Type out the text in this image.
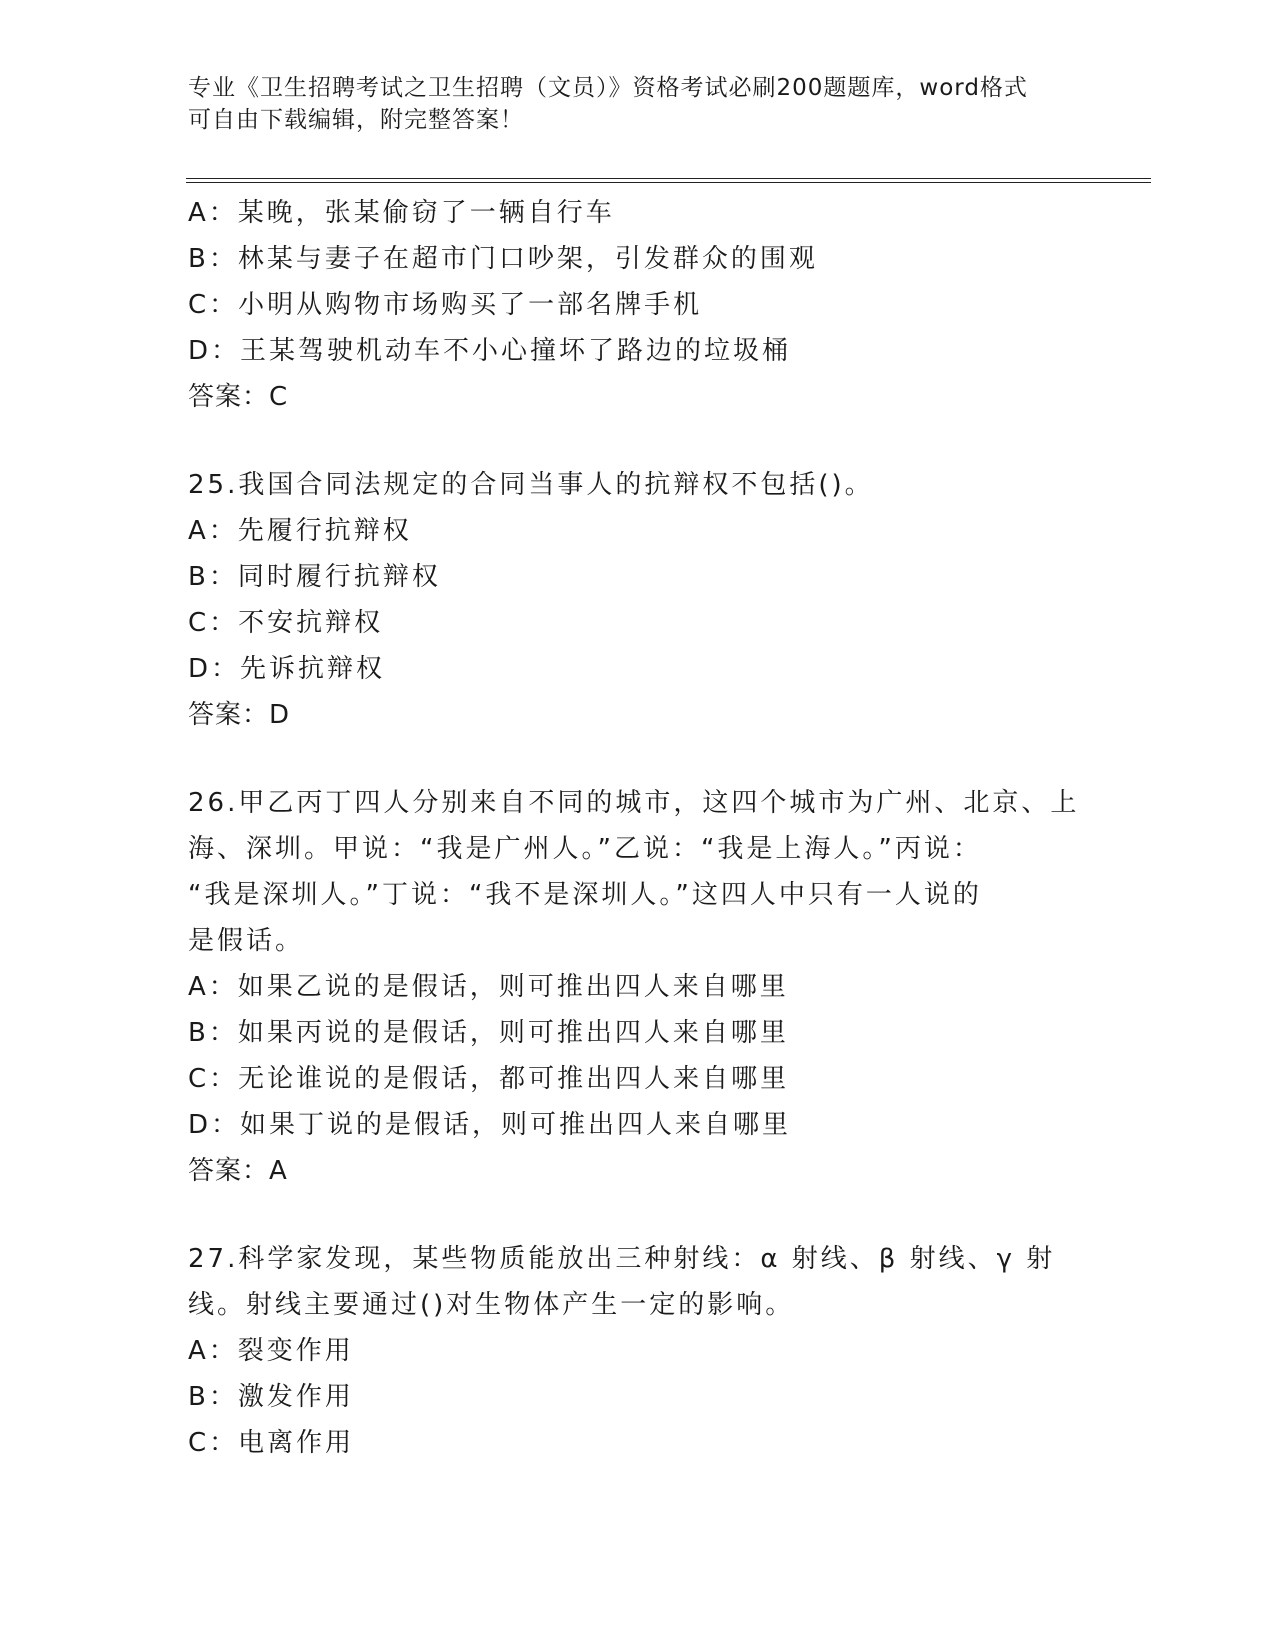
专业《卫生招聘考试之卫生招聘（文员）》资格考试必刷200题题库，word格式
可自由下载编辑，附完整答案！
A：某晚，张某偷窃了一辆自行车
B：林某与妻子在超市门口吵架，引发群众的围观
C：小明从购物市场购买了一部名牌手机
D：王某驾驶机动车不小心撞坏了路边的垃圾桶
答案：C
25.我国合同法规定的合同当事人的抗辩权不包括()。
A：先履行抗辩权
B：同时履行抗辩权
C：不安抗辩权
D：先诉抗辩权
答案：D
26.甲乙丙丁四人分别来自不同的城市，这四个城市为广州、北京、上
海、深圳。甲说：“我是广州人。”乙说：“我是上海人。”丙说：
“我是深圳人。”丁说：“我不是深圳人。”这四人中只有一人说的
是假话。
A：如果乙说的是假话，则可推出四人来自哪里
B：如果丙说的是假话，则可推出四人来自哪里
C：无论谁说的是假话，都可推出四人来自哪里
D：如果丁说的是假话，则可推出四人来自哪里
答案：A
27.科学家发现，某些物质能放出三种射线：α 射线、β 射线、γ 射
线。射线主要通过()对生物体产生一定的影响。
A：裂变作用
B：激发作用
C：电离作用
